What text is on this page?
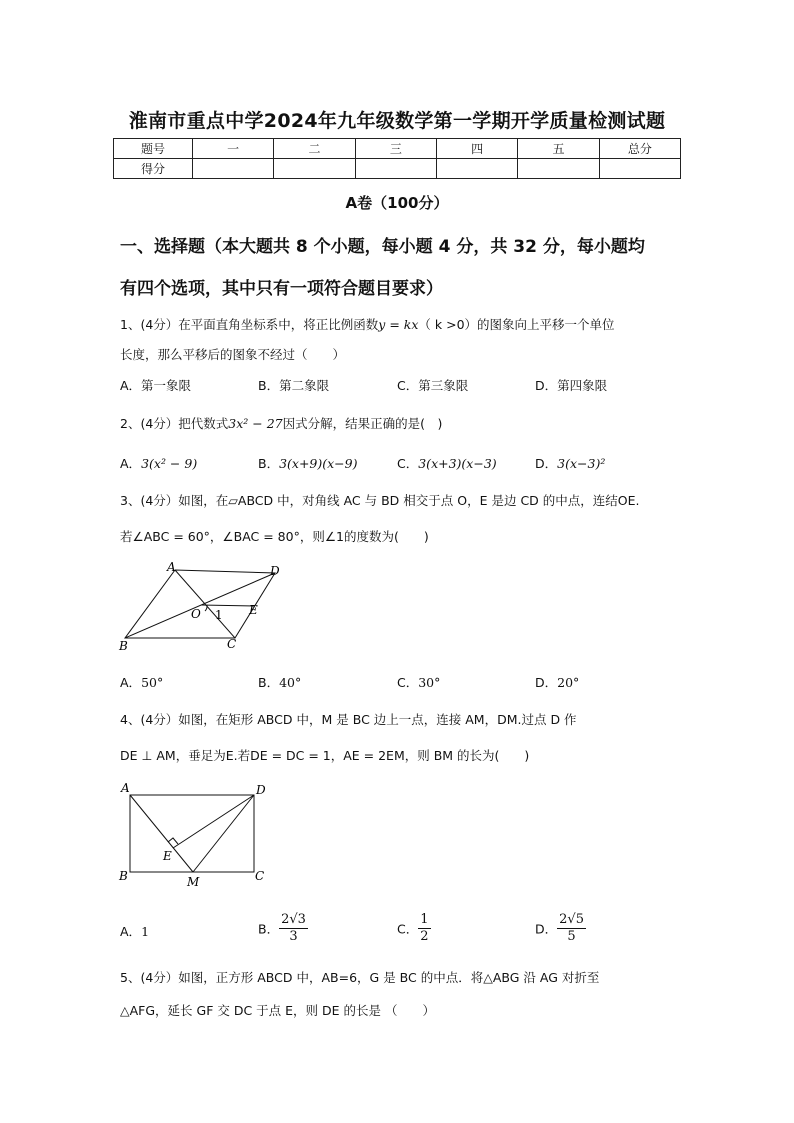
淮南市重点中学2024年九年级数学第一学期开学质量检测试题
题号	一	二	三	四	五	总分
得分						
A卷（100分）
一、选择题（本大题共 8 个小题，每小题 4 分，共 32 分，每小题均
有四个选项，其中只有一项符合题目要求）
1、(4分）在平面直角坐标系中，将正比例函数y = kx（ k >0）的图象向上平移一个单位
长度，那么平移后的图象不经过（　　）
A．第一象限	B．第二象限	C．第三象限	D．第四象限
2、(4分）把代数式3x² − 27因式分解，结果正确的是(　)
A．3(x² − 9)	B．3(x+9)(x−9)	C．3(x+3)(x−3)	D．3(x−3)²
3、(4分）如图，在▱ABCD 中，对角线 AC 与 BD 相交于点 O，E 是边 CD 的中点，连结OE.
若∠ABC = 60°，∠BAC = 80°，则∠1的度数为(　　)
A	D
E
O 1
B	C
A．50°	B．40°	C．30°	D．20°
4、(4分）如图，在矩形 ABCD 中，M 是 BC 边上一点，连接 AM，DM.过点 D 作
DE ⊥ AM，垂足为E.若DE = DC = 1，AE = 2EM，则 BM 的长为(　　)
A	D
E
B	M	C
A．1	B． $\frac{2√3}{3}$	C． $\frac{1}{2}$	D． $\frac{2√5}{5}$
5、(4分）如图，正方形 ABCD 中，AB=6，G 是 BC 的中点．将△ABG 沿 AG 对折至
△AFG，延长 GF 交 DC 于点 E，则 DE 的长是 （　　）
